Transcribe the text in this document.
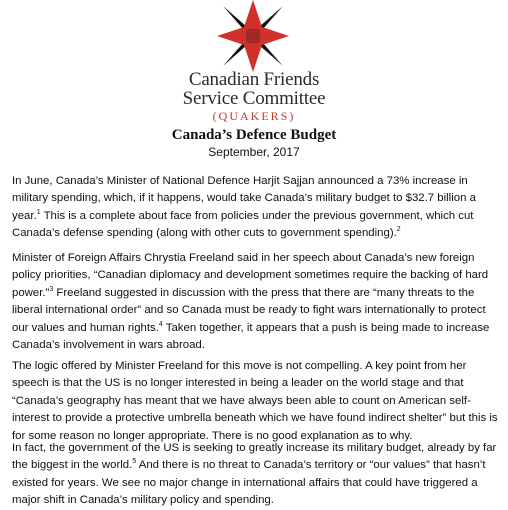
Canadian Friends
Service Committee
(QUAKERS)
Canada’s Defence Budget
September, 2017

In June, Canada’s Minister of National Defence Harjit Sajjan announced a 73% increase in military spending, which, if it happens, would take Canada’s military budget to $32.7 billion a year.$^1$ This is a complete about face from policies under the previous government, which cut Canada’s defense spending (along with other cuts to government spending).$^2$

Minister of Foreign Affairs Chrystia Freeland said in her speech about Canada’s new foreign policy priorities, “Canadian diplomacy and development sometimes require the backing of hard power.”$^3$ Freeland suggested in discussion with the press that there are “many threats to the liberal international order” and so Canada must be ready to fight wars internationally to protect our values and human rights.$^4$ Taken together, it appears that a push is being made to increase Canada’s involvement in wars abroad.

The logic offered by Minister Freeland for this move is not compelling. A key point from her speech is that the US is no longer interested in being a leader on the world stage and that “Canada’s geography has meant that we have always been able to count on American self-interest to provide a protective umbrella beneath which we have found indirect shelter” but this is for some reason no longer appropriate. There is no good explanation as to why.

In fact, the government of the US is seeking to greatly increase its military budget, already by far the biggest in the world.$^5$ And there is no threat to Canada’s territory or “our values” that hasn’t existed for years. We see no major change in international affairs that could have triggered a major shift in Canada’s military policy and spending.
